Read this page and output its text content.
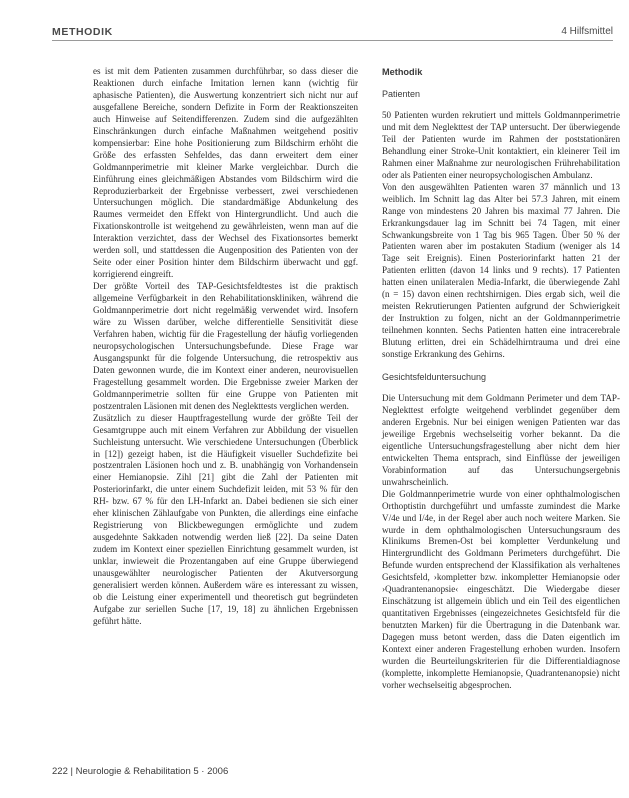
METHODIK	4 Hilfsmittel

es ist mit dem Patienten zusammen durchführbar, so dass dieser die Reaktionen durch einfache Imitation lernen kann (wichtig für aphasische Patienten), die Auswertung konzentriert sich nicht nur auf ausgefallene Bereiche, sondern Defizite in Form der Reaktionszeiten auch Hinweise auf Seitendifferenzen. Zudem sind die aufgezählten Einschränkungen durch einfache Maßnahmen weitgehend positiv kompensierbar: Eine hohe Positionierung zum Bildschirm erhöht die Größe des erfassten Sehfeldes, das dann erweitert dem einer Goldmannperimetrie mit kleiner Marke vergleichbar. Durch die Einführung eines gleichmäßigen Abstandes vom Bildschirm wird die Reproduzierbarkeit der Ergebnisse verbessert, zwei verschiedenen Untersuchungen möglich. Die standardmäßige Abdunkelung des Raumes vermeidet den Effekt von Hintergrundlicht. Und auch die Fixationskontrolle ist weitgehend zu gewährleisten, wenn man auf die Interaktion verzichtet, dass der Wechsel des Fixationsortes bemerkt werden soll, und stattdessen die Augenposition des Patienten von der Seite oder einer Position hinter dem Bildschirm überwacht und ggf. korrigierend eingreift.

Der größte Vorteil des TAP-Gesichtsfeldtestes ist die praktisch allgemeine Verfügbarkeit in den Rehabilitationskliniken, während die Goldmannperimetrie dort nicht regelmäßig verwendet wird. Insofern wäre zu Wissen darüber, welche differentielle Sensitivität diese Verfahren haben, wichtig für die Fragestellung der häufig vorliegenden neuropsychologischen Untersuchungsbefunde. Diese Frage war Ausgangspunkt für die folgende Untersuchung, die retrospektiv aus Daten gewonnen wurde, die im Kontext einer anderen, neurovisuellen Fragestellung gesammelt worden. Die Ergebnisse zweier Marken der Goldmannperimetrie sollten für eine Gruppe von Patienten mit postzentralen Läsionen mit denen des Neglekttests verglichen werden.

Zusätzlich zu dieser Hauptfragestellung wurde der größte Teil der Gesamtgruppe auch mit einem Verfahren zur Abbildung der visuellen Suchleistung untersucht. Wie verschiedene Untersuchungen (Überblick in [12]) gezeigt haben, ist die Häufigkeit visueller Suchdefizite bei postzentralen Läsionen hoch und z. B. unabhängig von Vorhandensein einer Hemianopsie. Zihl [21] gibt die Zahl der Patienten mit Posteriorinfarkt, die unter einem Suchdefizit leiden, mit 53 % für den RH- bzw. 67 % für den LH-Infarkt an. Dabei bedienen sie sich einer eher klinischen Zählaufgabe von Punkten, die allerdings eine einfache Registrierung von Blickbewegungen ermöglichte und zudem ausgedehnte Sakkaden notwendig werden ließ [22]. Da seine Daten zudem im Kontext einer speziellen Einrichtung gesammelt wurden, ist unklar, inwieweit die Prozentangaben auf eine Gruppe überwiegend unausgewählter neurologischer Patienten der Akutversorgung generalisiert werden können. Außerdem wäre es interessant zu wissen, ob die Leistung einer experimentell und theoretisch gut begründeten Aufgabe zur seriellen Suche [17, 19, 18] zu ähnlichen Ergebnissen geführt hätte.

Methodik
Patienten

50 Patienten wurden rekrutiert und mittels Goldmannperimetrie und mit dem Neglekttest der TAP untersucht. Der überwiegende Teil der Patienten wurde im Rahmen der poststationären Behandlung einer Stroke-Unit kontaktiert, ein kleinerer Teil im Rahmen einer Maßnahme zur neurologischen Frührehabilitation oder als Patienten einer neuropsychologischen Ambulanz.

Von den ausgewählten Patienten waren 37 männlich und 13 weiblich. Im Schnitt lag das Alter bei 57.3 Jahren, mit einem Range von mindestens 20 Jahren bis maximal 77 Jahren. Die Erkrankungsdauer lag im Schnitt bei 74 Tagen, mit einer Schwankungsbreite von 1 Tag bis 965 Tagen. Über 50 % der Patienten waren aber im postakuten Stadium (weniger als 14 Tage seit Ereignis). Einen Posteriorinfarkt hatten 21 der Patienten erlitten (davon 14 links und 9 rechts). 17 Patienten hatten einen unilateralen Media-Infarkt, die überwiegende Zahl (n = 15) davon einen rechtshirnigen. Dies ergab sich, weil die meisten Rekrutierungen Patienten aufgrund der Schwierigkeit der Instruktion zu folgen, nicht an der Goldmannperimetrie teilnehmen konnten. Sechs Patienten hatten eine intracerebrale Blutung erlitten, drei ein Schädelhirntrauma und drei eine sonstige Erkrankung des Gehirns.

Gesichtsfelduntersuchung

Die Untersuchung mit dem Goldmann Perimeter und dem TAP-Neglekttest erfolgte weitgehend verblindet gegenüber dem anderen Ergebnis. Nur bei einigen wenigen Patienten war das jeweilige Ergebnis wechselseitig vorher bekannt. Da die eigentliche Untersuchungsfragestellung aber nicht dem hier entwickelten Thema entsprach, sind Einflüsse der jeweiligen Vorabinformation auf das Untersuchungsergebnis unwahrscheinlich.

Die Goldmannperimetrie wurde von einer ophthalmologischen Orthoptistin durchgeführt und umfasste zumindest die Marke V/4e und I/4e, in der Regel aber auch noch weitere Marken. Sie wurde in dem ophthalmologischen Untersuchungsraum des Klinikums Bremen-Ost bei kompletter Verdunkelung und Hintergrundlicht des Goldmann Perimeters durchgeführt. Die Befunde wurden entsprechend der Klassifikation als verhaltenes Gesichtsfeld, ›kompletter bzw. inkompletter Hemianopsie oder ›Quadrantenanopsie‹ eingeschätzt. Die Wiedergabe dieser Einschätzung ist allgemein üblich und ein Teil des eigentlichen quantitativen Ergebnisses (eingezeichnetes Gesichtsfeld für die benutzten Marken) für die Übertragung in die Datenbank war. Dagegen muss betont werden, dass die Daten eigentlich im Kontext einer anderen Fragestellung erhoben wurden. Insofern wurden die Beurteilungskriterien für die Differentialdiagnose (komplette, inkomplette Hemianopsie, Quadrantenanopsie) nicht vorher wechselseitig abgesprochen.

222 | Neurologie & Rehabilitation 5 · 2006
